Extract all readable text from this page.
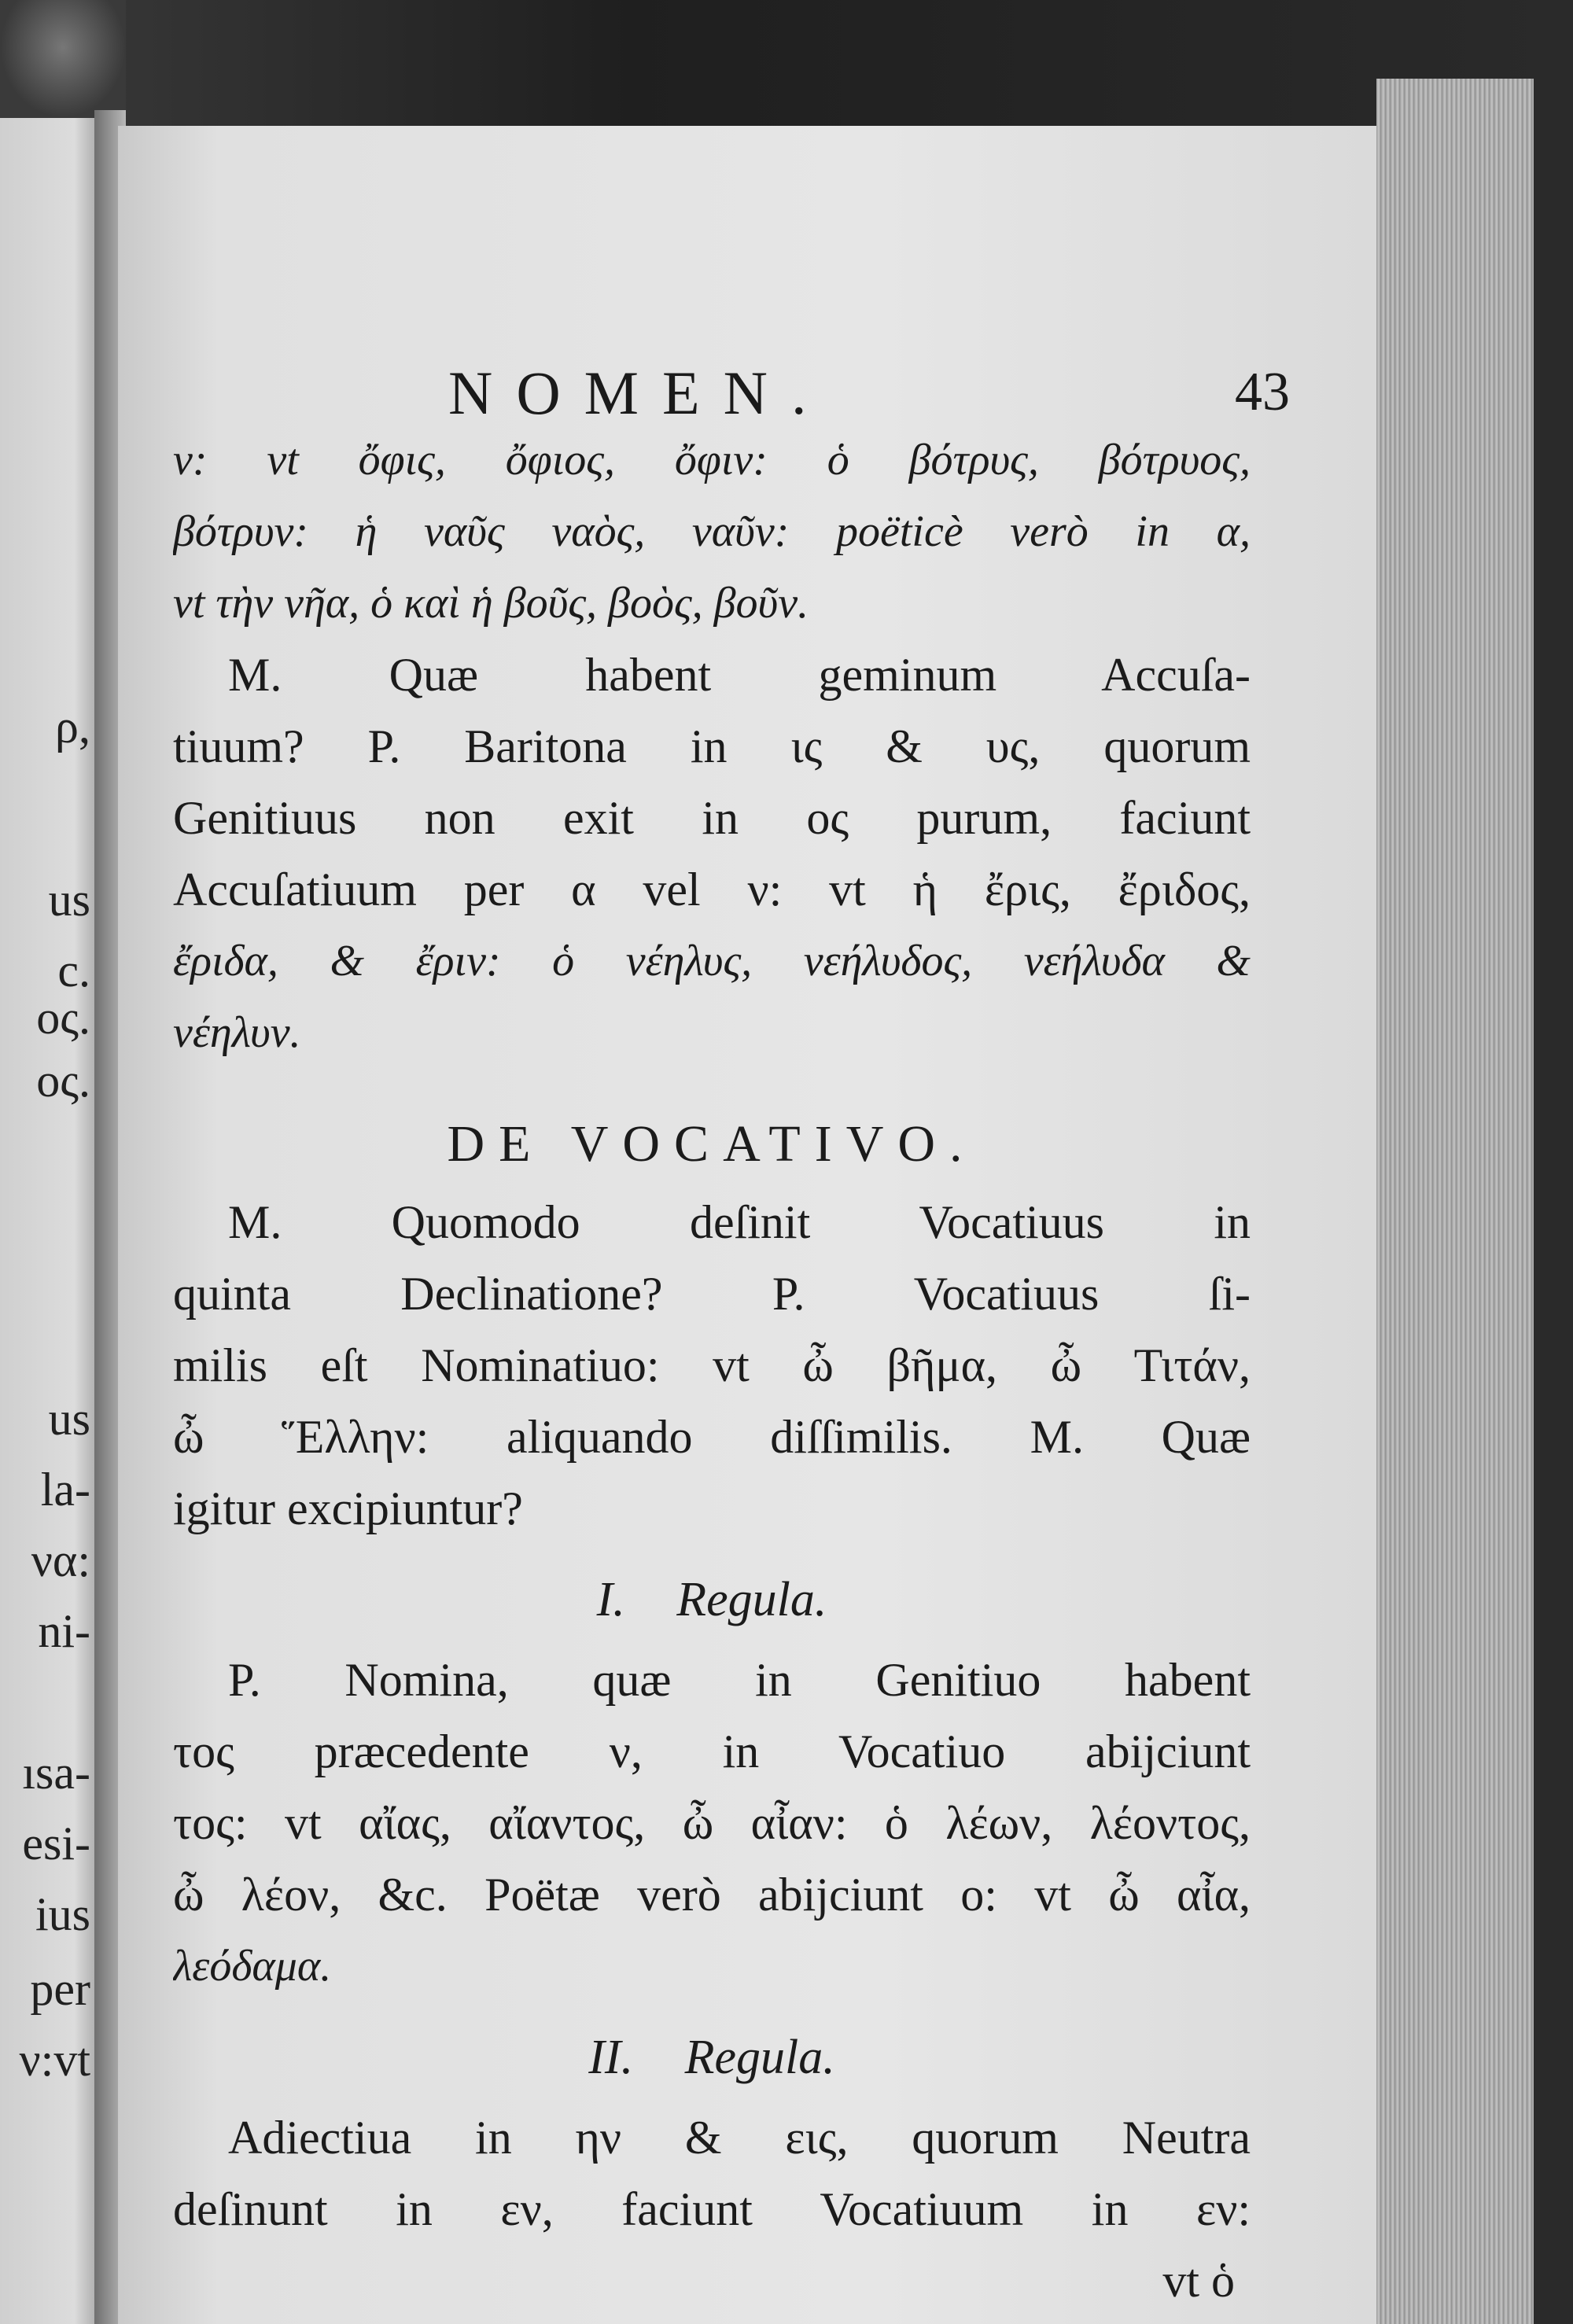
ρ,
us
c.
ος.
ος.
us
la-
να:
ni-
ısa-
esi-
ius
per
ν:vt
NOMEN.	43
ν: vt ὄφις, ὄφιος, ὄφιν: ὁ βότρυς, βότρυος,
βότρυν: ἡ ναῦς ναὸς, ναῦν: poëticè verò in α,
vt τὴν νῆα, ὁ καὶ ἡ βοῦς, βοὸς, βοῦν.
M. Quæ habent geminum Accuſa-
tiuum? P. Baritona in ις & υς, quorum
Genitiuus non exit in ος purum, faciunt
Accuſatiuum per α vel ν: vt ἡ ἔρις, ἔριδος,
ἔριδα, & ἔριν: ὁ νέηλυς, νεήλυδος, νεήλυδα &
νέηλυν.
DE VOCATIVO.
M. Quomodo deſinit Vocatiuus in
quinta Declinatione? P. Vocatiuus ſi-
milis eſt Nominatiuo: vt ὦ βῆμα, ὦ Τιτάν,
ὦ Ἕλλην: aliquando diſſimilis. M. Quæ
igitur excipiuntur?
I. Regula.
P. Nomina, quæ in Genitiuo habent
τος præcedente ν, in Vocatiuo abijciunt
τος: vt αἴας, αἴαντος, ὦ αἶαν: ὁ λέων, λέοντος,
ὦ λέον, &c. Poëtæ verò abijciunt ο: vt ὦ αἶα,
λεόδαμα.
II. Regula.
Adiectiua in ην & εις, quorum Neutra
deſinunt in εν, faciunt Vocatiuum in εν:
vt ὁ
